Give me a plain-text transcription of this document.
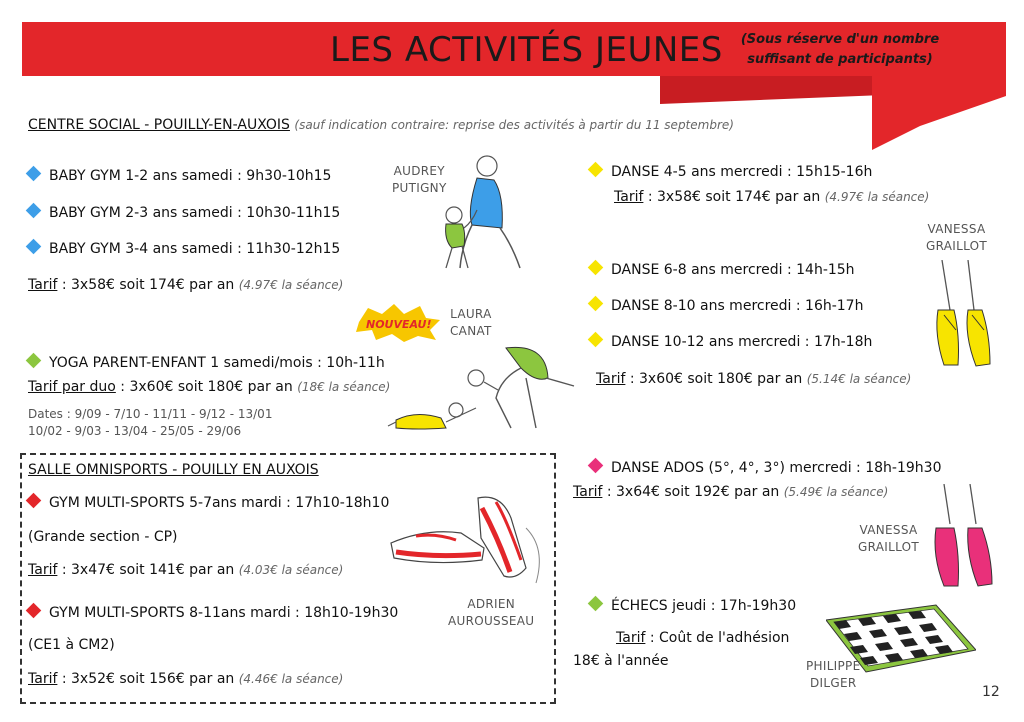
LES ACTIVITÉS JEUNES (Sous réserve d'un nombre suffisant de participants)
CENTRE SOCIAL - POUILLY-EN-AUXOIS (sauf indication contraire: reprise des activités à partir du 11 septembre)
BABY GYM 1-2 ans samedi : 9h30-10h15
BABY GYM 2-3 ans samedi : 10h30-11h15
BABY GYM 3-4 ans samedi : 11h30-12h15
Tarif : 3x58€ soit 174€ par an (4.97€ la séance)
AUDREY
PUTIGNY
NOUVEAU!
LAURA
CANAT
YOGA PARENT-ENFANT 1 samedi/mois : 10h-11h
Tarif par duo : 3x60€ soit 180€ par an (18€ la séance)
Dates : 9/09 - 7/10 - 11/11 - 9/12 - 13/01
10/02 - 9/03 - 13/04 - 25/05 - 29/06
SALLE OMNISPORTS - POUILLY EN AUXOIS
GYM MULTI-SPORTS 5-7ans mardi : 17h10-18h10
(Grande section - CP)
Tarif : 3x47€ soit 141€ par an (4.03€ la séance)
GYM MULTI-SPORTS 8-11ans mardi : 18h10-19h30
(CE1 à CM2)
Tarif : 3x52€ soit 156€ par an (4.46€ la séance)
ADRIEN
AUROUSSEAU
DANSE 4-5 ans mercredi : 15h15-16h
Tarif : 3x58€ soit 174€ par an (4.97€ la séance)
VANESSA
GRAILLOT
DANSE 6-8 ans mercredi : 14h-15h
DANSE 8-10 ans mercredi : 16h-17h
DANSE 10-12 ans mercredi : 17h-18h
Tarif : 3x60€ soit 180€ par an (5.14€ la séance)
DANSE ADOS (5°, 4°, 3°) mercredi : 18h-19h30
Tarif : 3x64€ soit 192€ par an (5.49€ la séance)
VANESSA
GRAILLOT
ÉCHECS jeudi : 17h-19h30
Tarif : Coût de l'adhésion
18€ à l'année	PHILIPPE
DILGER
12
